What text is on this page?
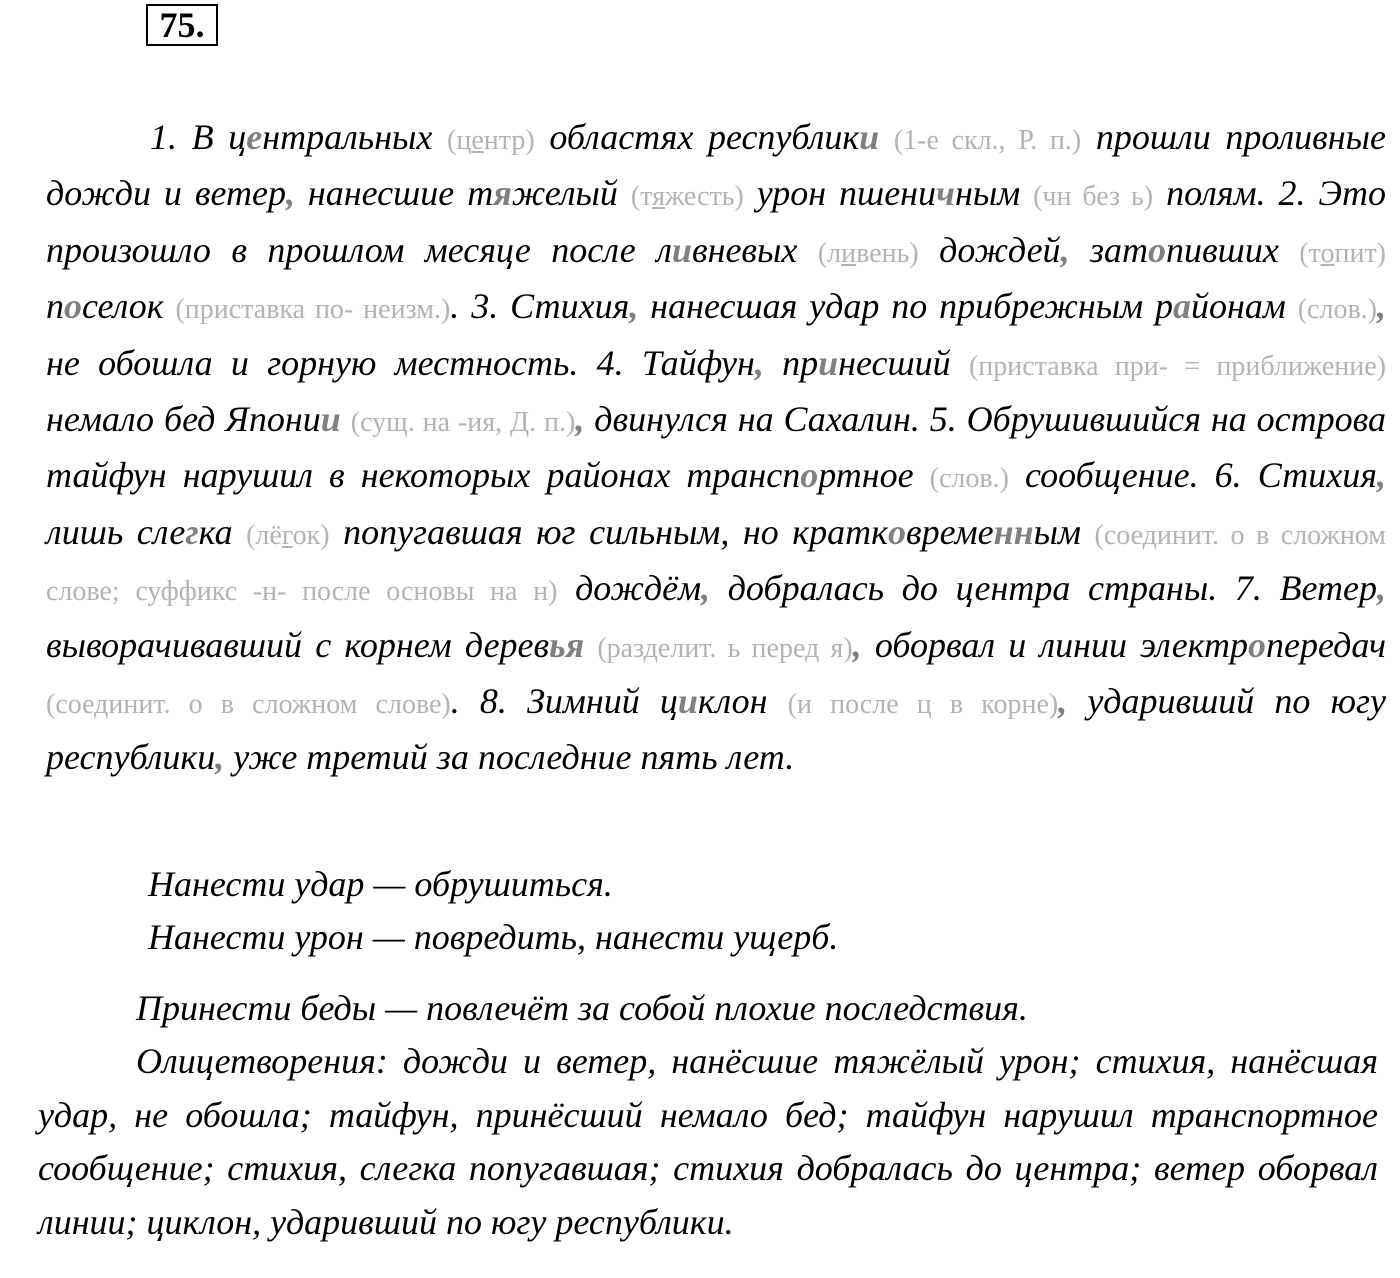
75.
1. В центральных (центр) областях республики (1-е скл., Р. п.) прошли проливные дожди и ветер, нанесшие тяжелый (тяжесть) урон пшеничным (чн без ь) полям. 2. Это произошло в прошлом месяце после ливневых (ливень) дождей, затопивших (топит) поселок (приставка по- неизм.). 3. Стихия, нанесшая удар по прибрежным районам (слов.), не обошла и горную местность. 4. Тайфун, принесший (приставка при- = приближение) немало бед Японии (сущ. на -ия, Д. п.), двинулся на Сахалин. 5. Обрушившийся на острова тайфун нарушил в некоторых районах транспортное (слов.) сообщение. 6. Стихия, лишь слегка (лёгок) попугавшая юг сильным, но кратковременным (соединит. о в сложном слове; суффикс -н- после основы на н) дождём, добралась до центра страны. 7. Ветер, выворачивавший с корнем деревья (разделит. ь перед я), оборвал и линии электропередач (соединит. о в сложном слове). 8. Зимний циклон (и после ц в корне), ударивший по югу республики, уже третий за последние пять лет.
Нанести удар — обрушиться.
Нанести урон — повредить, нанести ущерб.
Принести беды — повлечёт за собой плохие последствия.
Олицетворения: дожди и ветер, нанёсшие тяжёлый урон; стихия, нанёсшая удар, не обошла; тайфун, принёсший немало бед; тайфун нарушил транспортное сообщение; стихия, слегка попугавшая; стихия добралась до центра; ветер оборвал линии; циклон, ударивший по югу республики.
